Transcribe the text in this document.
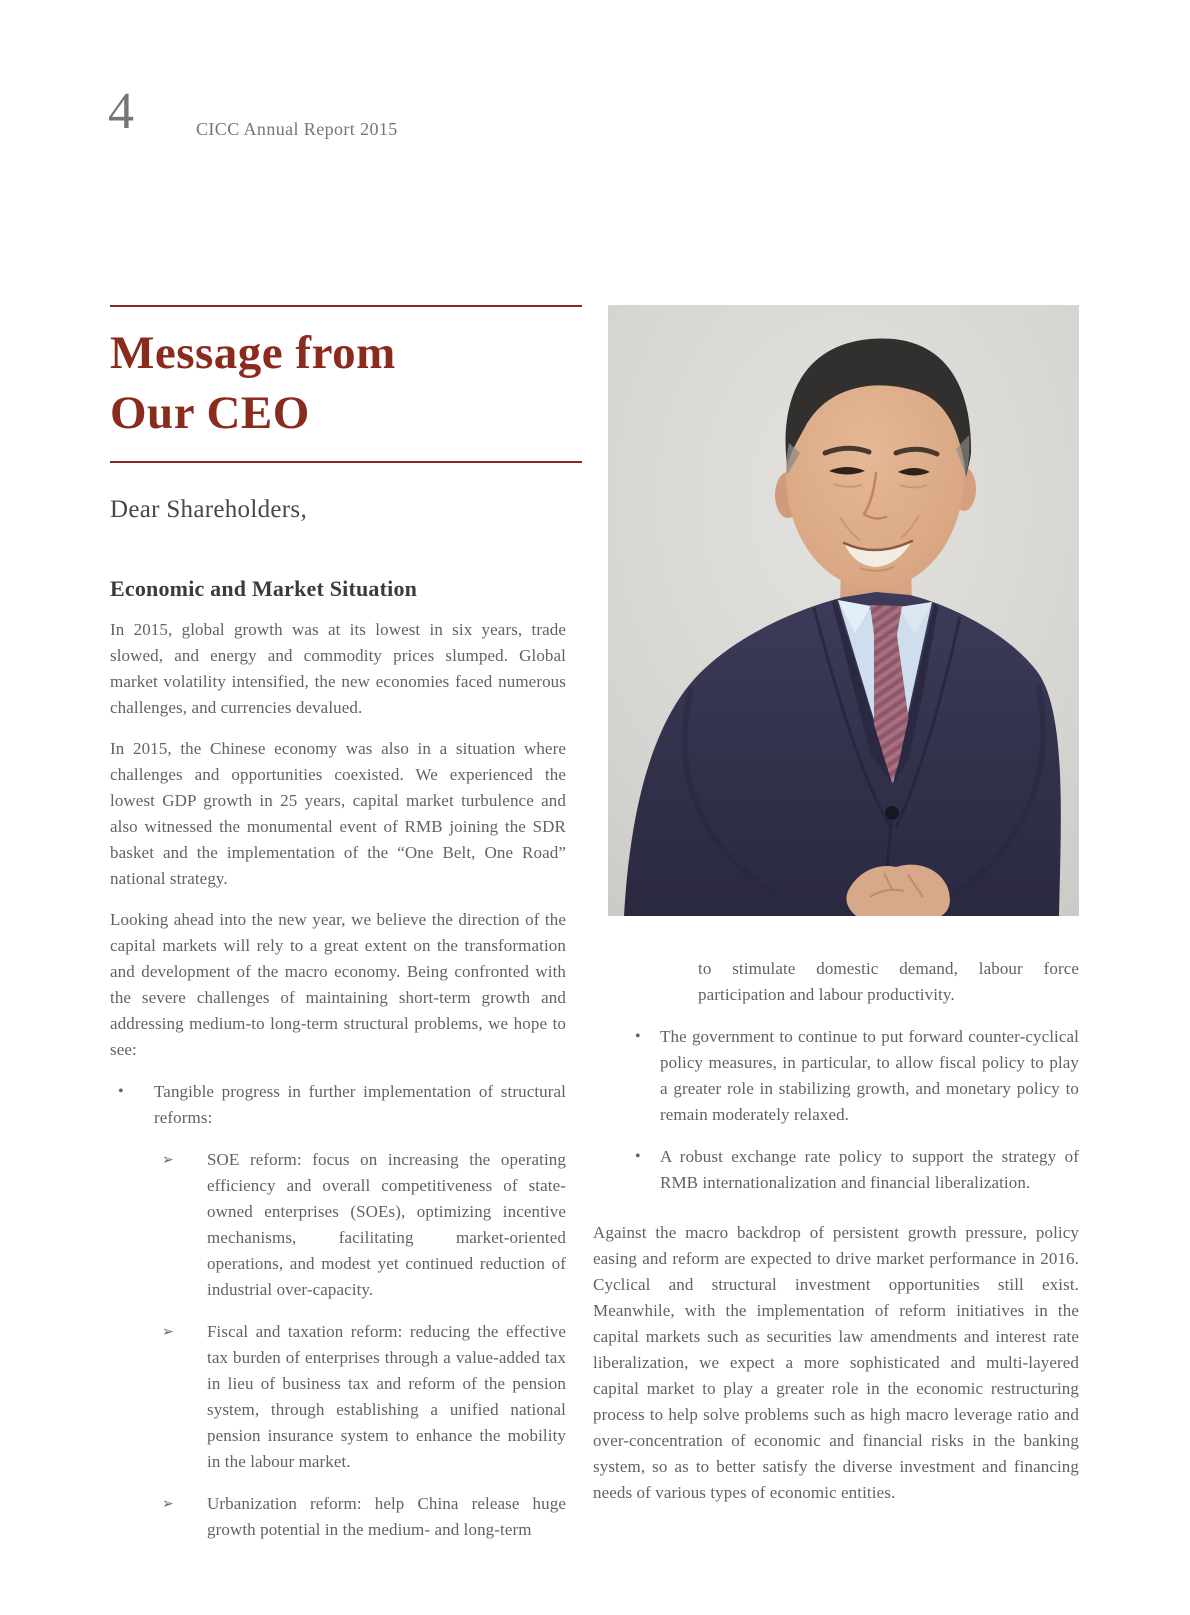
4	CICC Annual Report 2015
Message from
Our CEO

Dear Shareholders,

Economic and Market Situation

In 2015, global growth was at its lowest in six years, trade slowed, and energy and commodity prices slumped. Global market volatility intensified, the new economies faced numerous challenges, and currencies devalued.

In 2015, the Chinese economy was also in a situation where challenges and opportunities coexisted. We experienced the lowest GDP growth in 25 years, capital market turbulence and also witnessed the monumental event of RMB joining the SDR basket and the implementation of the “One Belt, One Road” national strategy.

Looking ahead into the new year, we believe the direction of the capital markets will rely to a great extent on the transformation and development of the macro economy. Being confronted with the severe challenges of maintaining short-term growth and addressing medium-to long-term structural problems, we hope to see:

•	Tangible progress in further implementation of structural reforms:

➢	SOE reform: focus on increasing the operating efficiency and overall competitiveness of state-owned enterprises (SOEs), optimizing incentive mechanisms, facilitating market-oriented operations, and modest yet continued reduction of industrial over-capacity.

➢	Fiscal and taxation reform: reducing the effective tax burden of enterprises through a value-added tax in lieu of business tax and reform of the pension system, through establishing a unified national pension insurance system to enhance the mobility in the labour market.

➢	Urbanization reform: help China release huge growth potential in the medium- and long-term

to stimulate domestic demand, labour force participation and labour productivity.

•	The government to continue to put forward counter-cyclical policy measures, in particular, to allow fiscal policy to play a greater role in stabilizing growth, and monetary policy to remain moderately relaxed.

•	A robust exchange rate policy to support the strategy of RMB internationalization and financial liberalization.

Against the macro backdrop of persistent growth pressure, policy easing and reform are expected to drive market performance in 2016. Cyclical and structural investment opportunities still exist. Meanwhile, with the implementation of reform initiatives in the capital markets such as securities law amendments and interest rate liberalization, we expect a more sophisticated and multi-layered capital market to play a greater role in the economic restructuring process to help solve problems such as high macro leverage ratio and over-concentration of economic and financial risks in the banking system, so as to better satisfy the diverse investment and financing needs of various types of economic entities.
